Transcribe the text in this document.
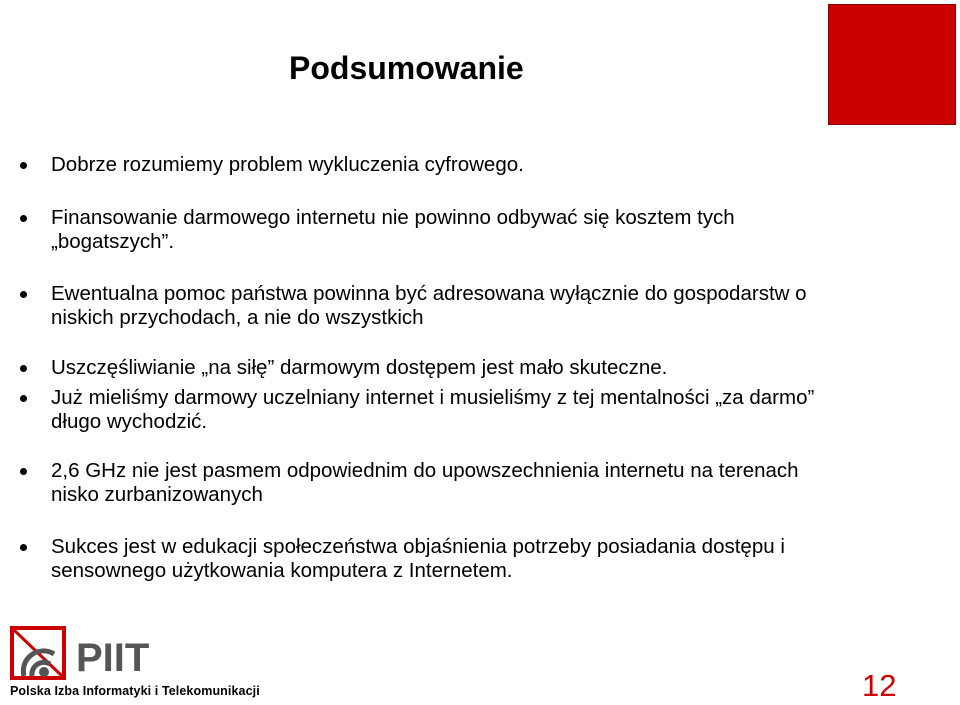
Podsumowanie
Dobrze rozumiemy problem wykluczenia cyfrowego.
Finansowanie darmowego internetu nie powinno odbywać się kosztem tych
„bogatszych”.
Ewentualna pomoc państwa powinna być adresowana wyłącznie do gospodarstw o
niskich przychodach, a nie do wszystkich
Uszczęśliwianie „na siłę” darmowym dostępem jest mało skuteczne.
Już mieliśmy darmowy uczelniany internet i musieliśmy z tej mentalności „za darmo”
długo wychodzić.
2,6 GHz nie jest pasmem odpowiednim do upowszechnienia internetu na terenach
nisko zurbanizowanych
Sukces jest w edukacji społeczeństwa objaśnienia potrzeby posiadania dostępu i
sensownego użytkowania komputera z Internetem.
PIIT
Polska Izba Informatyki i Telekomunikacji	12
